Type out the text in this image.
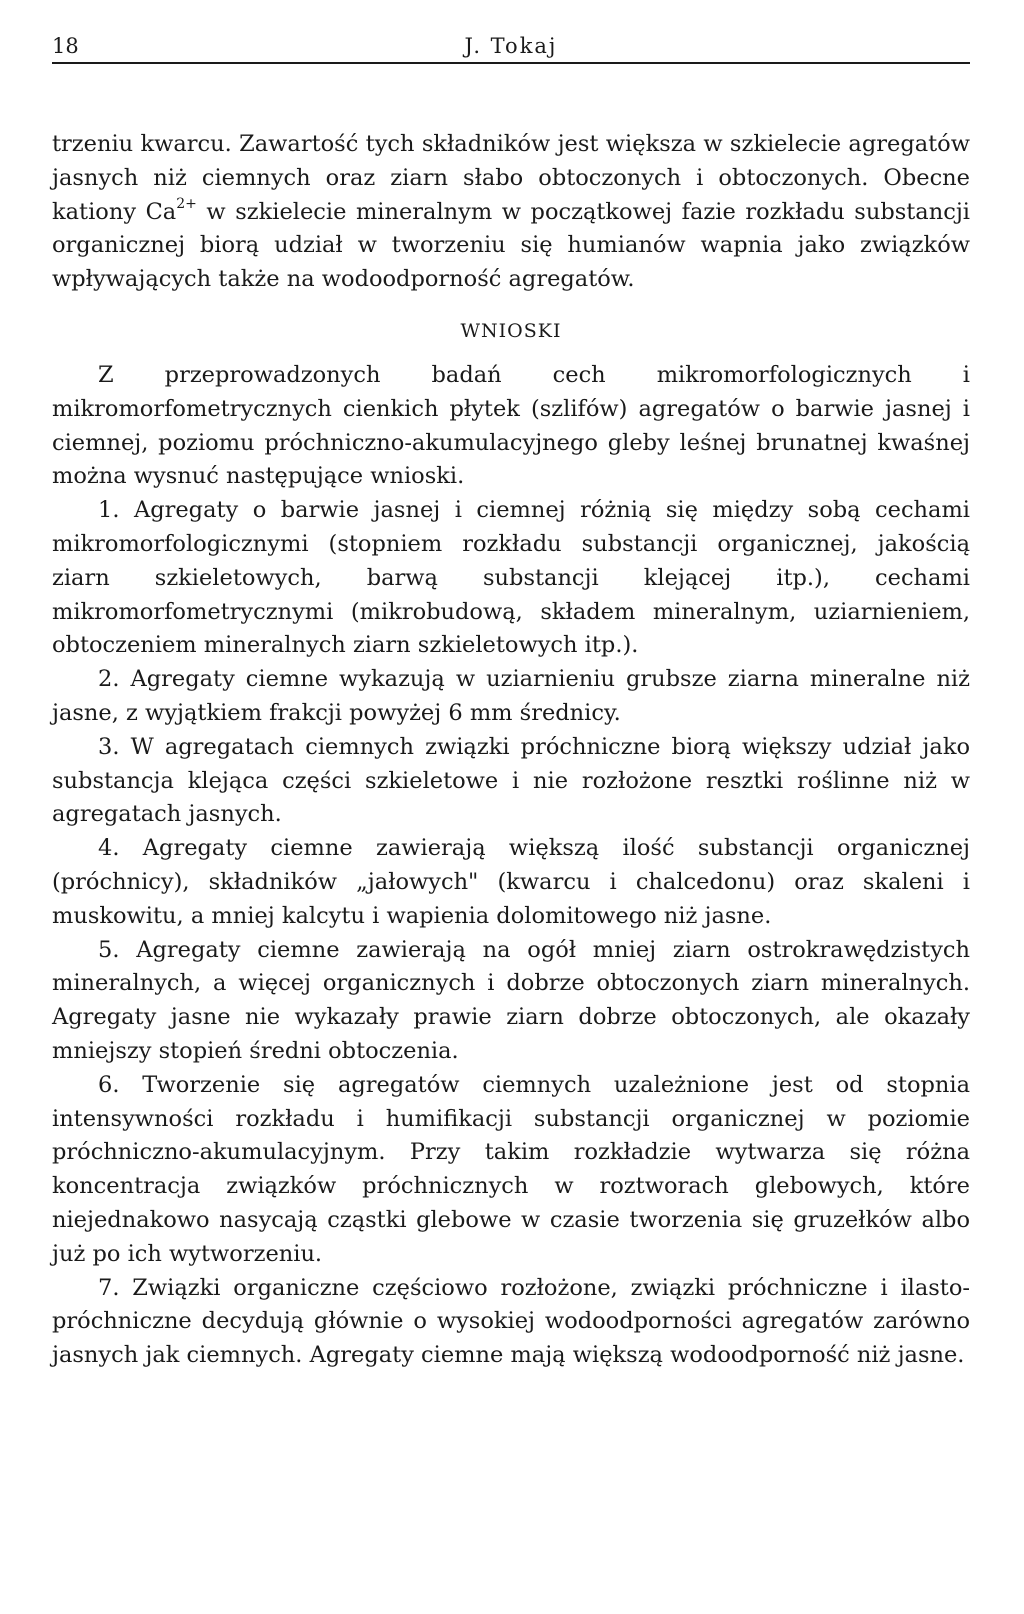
18	J. Tokaj

trzeniu kwarcu. Zawartość tych składników jest większa w szkielecie agregatów jasnych niż ciemnych oraz ziarn słabo obtoczonych i obtoczonych. Obecne kationy $Ca^{2+}$ w szkielecie mineralnym w początkowej fazie rozkładu substancji organicznej biorą udział w tworzeniu się humianów wapnia jako związków wpływających także na wodoodporność agregatów.

WNIOSKI

Z przeprowadzonych badań cech mikromorfologicznych i mikromorfometrycznych cienkich płytek (szlifów) agregatów o barwie jasnej i ciemnej, poziomu próchniczno-akumulacyjnego gleby leśnej brunatnej kwaśnej można wysnuć następujące wnioski.

1. Agregaty o barwie jasnej i ciemnej różnią się między sobą cechami mikromorfologicznymi (stopniem rozkładu substancji organicznej, jakością ziarn szkieletowych, barwą substancji klejącej itp.), cechami mikromorfometrycznymi (mikrobudową, składem mineralnym, uziarnieniem, obtoczeniem mineralnych ziarn szkieletowych itp.).

2. Agregaty ciemne wykazują w uziarnieniu grubsze ziarna mineralne niż jasne, z wyjątkiem frakcji powyżej 6 mm średnicy.

3. W agregatach ciemnych związki próchniczne biorą większy udział jako substancja klejąca części szkieletowe i nie rozłożone resztki roślinne niż w agregatach jasnych.

4. Agregaty ciemne zawierają większą ilość substancji organicznej (próchnicy), składników „jałowych" (kwarcu i chalcedonu) oraz skaleni i muskowitu, a mniej kalcytu i wapienia dolomitowego niż jasne.

5. Agregaty ciemne zawierają na ogół mniej ziarn ostrokrawędzistych mineralnych, a więcej organicznych i dobrze obtoczonych ziarn mineralnych. Agregaty jasne nie wykazały prawie ziarn dobrze obtoczonych, ale okazały mniejszy stopień średni obtoczenia.

6. Tworzenie się agregatów ciemnych uzależnione jest od stopnia intensywności rozkładu i humifikacji substancji organicznej w poziomie próchniczno-akumulacyjnym. Przy takim rozkładzie wytwarza się różna koncentracja związków próchnicznych w roztworach glebowych, które niejednakowo nasycają cząstki glebowe w czasie tworzenia się gruzełków albo już po ich wytworzeniu.

7. Związki organiczne częściowo rozłożone, związki próchniczne i ilasto-próchniczne decydują głównie o wysokiej wodoodporności agregatów zarówno jasnych jak ciemnych. Agregaty ciemne mają większą wodoodporność niż jasne.
